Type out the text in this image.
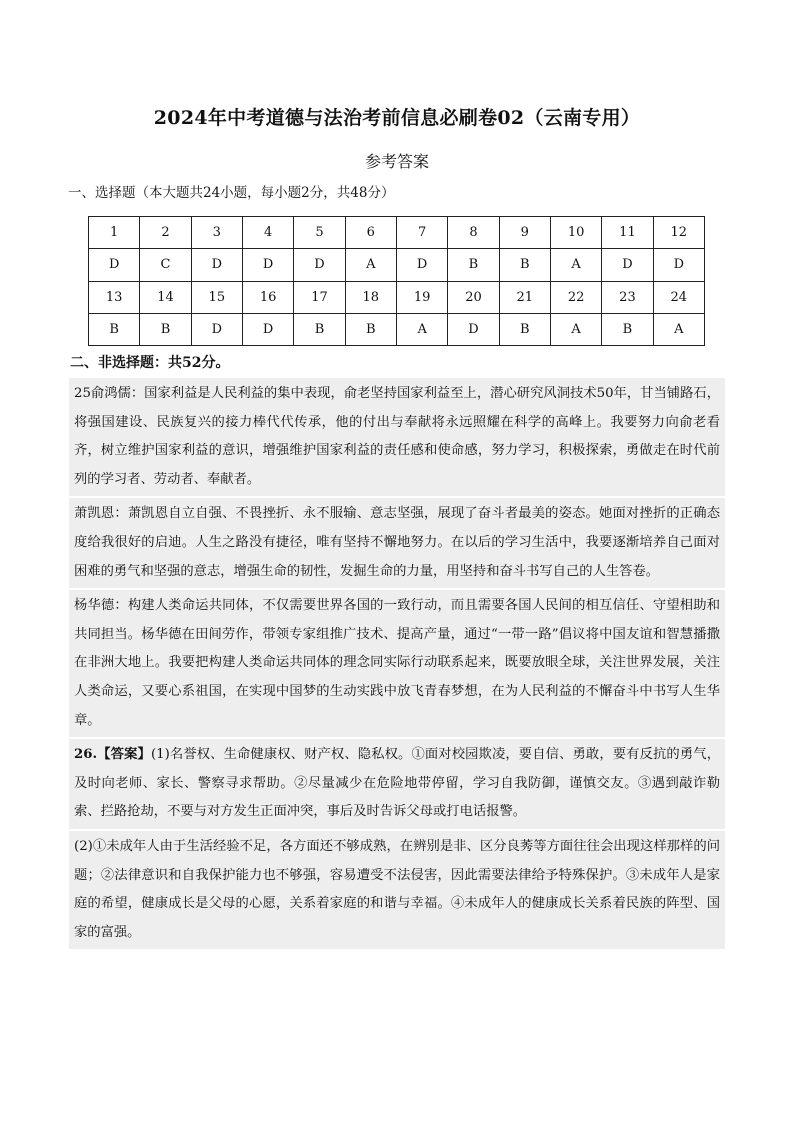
2024年中考道德与法治考前信息必刷卷02（云南专用）
参考答案
一、选择题（本大题共24小题，每小题2分，共48分）
1	2	3	4	5	6	7	8	9	10	11	12
D	C	D	D	D	A	D	B	B	A	D	D
13	14	15	16	17	18	19	20	21	22	23	24
B	B	D	D	B	B	A	D	B	A	B	A
二、非选择题：共52分。
25俞鸿儒：国家利益是人民利益的集中表现，俞老坚持国家利益至上，潜心研究风洞技术50年，甘当铺路石，将强国建设、民族复兴的接力棒代代传承，他的付出与奉献将永远照耀在科学的高峰上。我要努力向俞老看齐，树立维护国家利益的意识，增强维护国家利益的责任感和使命感，努力学习，积极探索，勇做走在时代前列的学习者、劳动者、奉献者。
萧凯恩：萧凯恩自立自强、不畏挫折、永不服输、意志坚强，展现了奋斗者最美的姿态。她面对挫折的正确态度给我很好的启迪。人生之路没有捷径，唯有坚持不懈地努力。在以后的学习生活中，我要逐渐培养自己面对困难的勇气和坚强的意志，增强生命的韧性，发掘生命的力量，用坚持和奋斗书写自己的人生答卷。
杨华德：构建人类命运共同体，不仅需要世界各国的一致行动，而且需要各国人民间的相互信任、守望相助和共同担当。杨华德在田间劳作，带领专家组推广技术、提高产量，通过“一带一路”倡议将中国友谊和智慧播撒在非洲大地上。我要把构建人类命运共同体的理念同实际行动联系起来，既要放眼全球，关注世界发展，关注人类命运，又要心系祖国，在实现中国梦的生动实践中放飞青春梦想，在为人民利益的不懈奋斗中书写人生华章。
26.【答案】(1)名誉权、生命健康权、财产权、隐私权。①面对校园欺凌，要自信、勇敢，要有反抗的勇气，及时向老师、家长、警察寻求帮助。②尽量减少在危险地带停留，学习自我防御，谨慎交友。③遇到敲诈勒索、拦路抢劫，不要与对方发生正面冲突，事后及时告诉父母或打电话报警。
(2)①未成年人由于生活经验不足，各方面还不够成熟，在辨别是非、区分良莠等方面往往会出现这样那样的问题；②法律意识和自我保护能力也不够强，容易遭受不法侵害，因此需要法律给予特殊保护。③未成年人是家庭的希望，健康成长是父母的心愿，关系着家庭的和谐与幸福。④未成年人的健康成长关系着民族的阵型、国家的富强。
